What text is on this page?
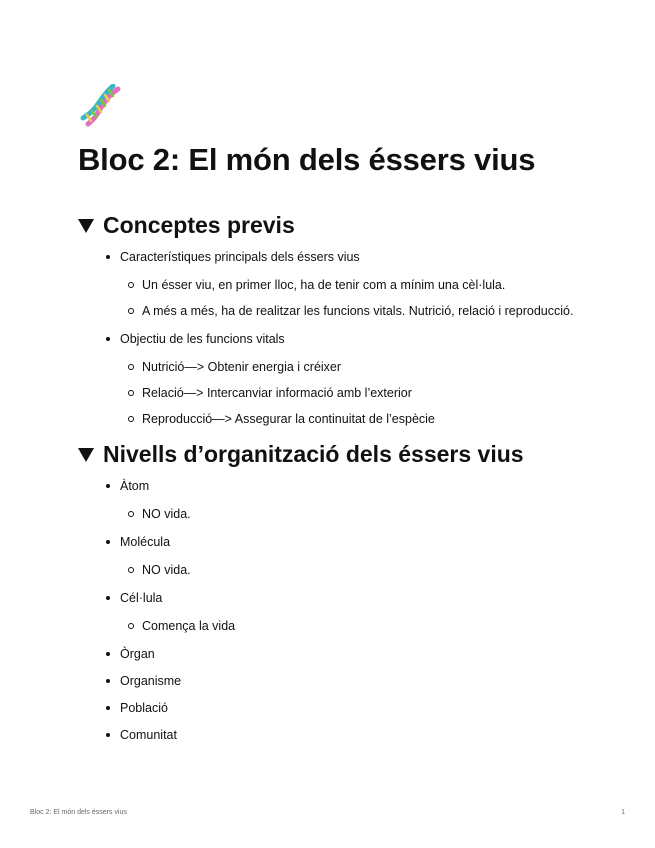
Bloc 2: El món dels éssers vius
Conceptes previs
Característiques principals dels éssers vius
Un ésser viu, en primer lloc, ha de tenir com a mínim una cèl·lula.
A més a més, ha de realitzar les funcions vitals. Nutrició, relació i reproducció.
Objectiu de les funcions vitals
Nutrició—> Obtenir energia i créixer
Relació—> Intercanviar informació amb l’exterior
Reproducció—> Assegurar la continuitat de l’espècie
Nivells d’organització dels éssers vius
Àtom
NO vida.
Molécula
NO vida.
Cél·lula
Comença la vida
Òrgan
Organisme
Població
Comunitat
Bloc 2: El món dels éssers vius	1
